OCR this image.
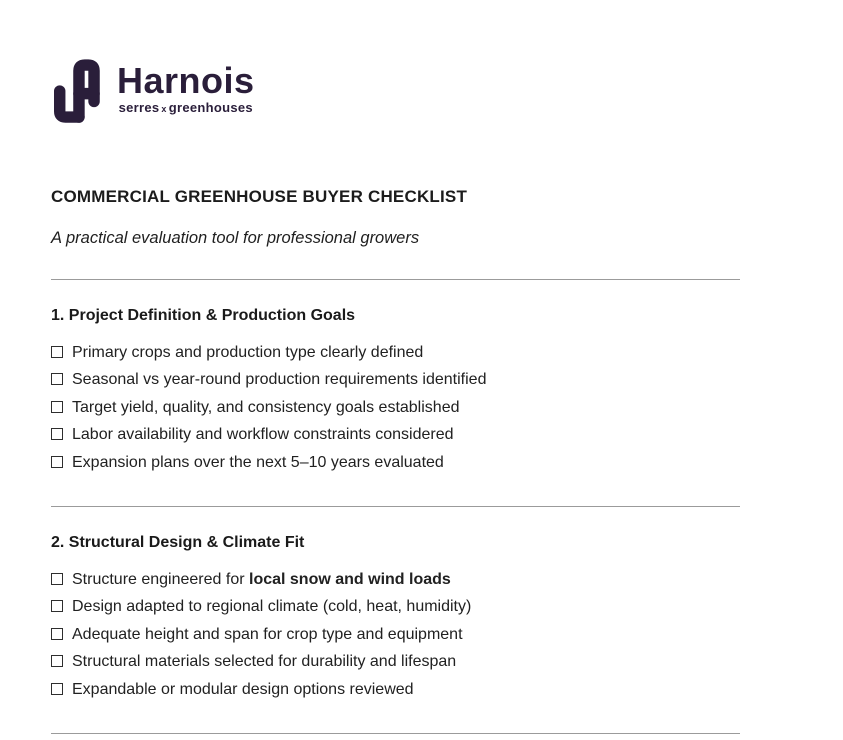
Harnois
serres x greenhouses
COMMERCIAL GREENHOUSE BUYER CHECKLIST
A practical evaluation tool for professional growers
1. Project Definition & Production Goals
Primary crops and production type clearly defined
Seasonal vs year-round production requirements identified
Target yield, quality, and consistency goals established
Labor availability and workflow constraints considered
Expansion plans over the next 5–10 years evaluated
2. Structural Design & Climate Fit
Structure engineered for local snow and wind loads
Design adapted to regional climate (cold, heat, humidity)
Adequate height and span for crop type and equipment
Structural materials selected for durability and lifespan
Expandable or modular design options reviewed
